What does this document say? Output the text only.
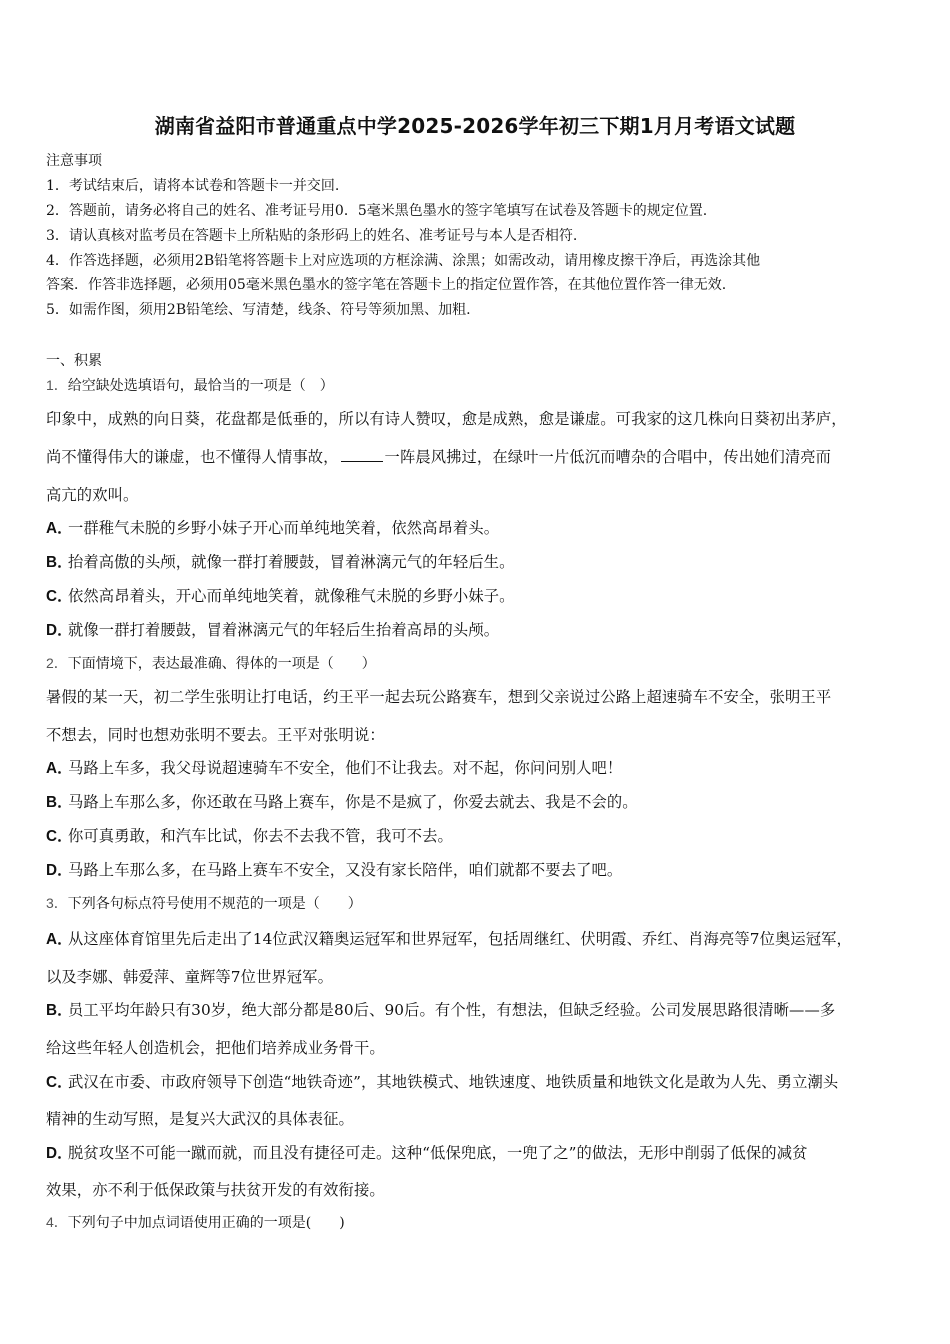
湖南省益阳市普通重点中学2025-2026学年初三下期1月月考语文试题
注意事项
1．考试结束后，请将本试卷和答题卡一并交回.
2．答题前，请务必将自己的姓名、准考证号用0．5毫米黑色墨水的签字笔填写在试卷及答题卡的规定位置.
3．请认真核对监考员在答题卡上所粘贴的条形码上的姓名、准考证号与本人是否相符.
4．作答选择题，必须用2B铅笔将答题卡上对应选项的方框涂满、涂黑；如需改动，请用橡皮擦干净后，再选涂其他
答案．作答非选择题，必须用05毫米黑色墨水的签字笔在答题卡上的指定位置作答，在其他位置作答一律无效.
5．如需作图，须用2B铅笔绘、写清楚，线条、符号等须加黑、加粗.
一、积累
1．给空缺处选填语句，最恰当的一项是（　）
印象中，成熟的向日葵，花盘都是低垂的，所以有诗人赞叹，愈是成熟，愈是谦虚。可我家的这几株向日葵初出茅庐，
尚不懂得伟大的谦虚，也不懂得人情事故，	一阵晨风拂过，在绿叶一片低沉而嘈杂的合唱中，传出她们清亮而
高亢的欢叫。
A．一群稚气未脱的乡野小妹子开心而单纯地笑着，依然高昂着头。
B．抬着高傲的头颅，就像一群打着腰鼓，冒着淋漓元气的年轻后生。
C．依然高昂着头，开心而单纯地笑着，就像稚气未脱的乡野小妹子。
D．就像一群打着腰鼓，冒着淋漓元气的年轻后生抬着高昂的头颅。
2．下面情境下，表达最准确、得体的一项是（　　）
暑假的某一天，初二学生张明让打电话，约王平一起去玩公路赛车，想到父亲说过公路上超速骑车不安全，张明王平
不想去，同时也想劝张明不要去。王平对张明说：
A．马路上车多，我父母说超速骑车不安全，他们不让我去。对不起，你问问别人吧！
B．马路上车那么多，你还敢在马路上赛车，你是不是疯了，你爱去就去、我是不会的。
C．你可真勇敢，和汽车比试，你去不去我不管，我可不去。
D．马路上车那么多，在马路上赛车不安全，又没有家长陪伴，咱们就都不要去了吧。
3．下列各句标点符号使用不规范的一项是（　　）
A．从这座体育馆里先后走出了14位武汉籍奥运冠军和世界冠军，包括周继红、伏明霞、乔红、肖海亮等7位奥运冠军，
以及李娜、韩爱萍、童辉等7位世界冠军。
B．员工平均年龄只有30岁，绝大部分都是80后、90后。有个性，有想法，但缺乏经验。公司发展思路很清晰——多
给这些年轻人创造机会，把他们培养成业务骨干。
C．武汉在市委、市政府领导下创造“地铁奇迹”，其地铁模式、地铁速度、地铁质量和地铁文化是敢为人先、勇立潮头
精神的生动写照，是复兴大武汉的具体表征。
D．脱贫攻坚不可能一蹴而就，而且没有捷径可走。这种“低保兜底，一兜了之”的做法，无形中削弱了低保的减贫
效果，亦不利于低保政策与扶贫开发的有效衔接。
4．下列句子中加点词语使用正确的一项是(　　)
